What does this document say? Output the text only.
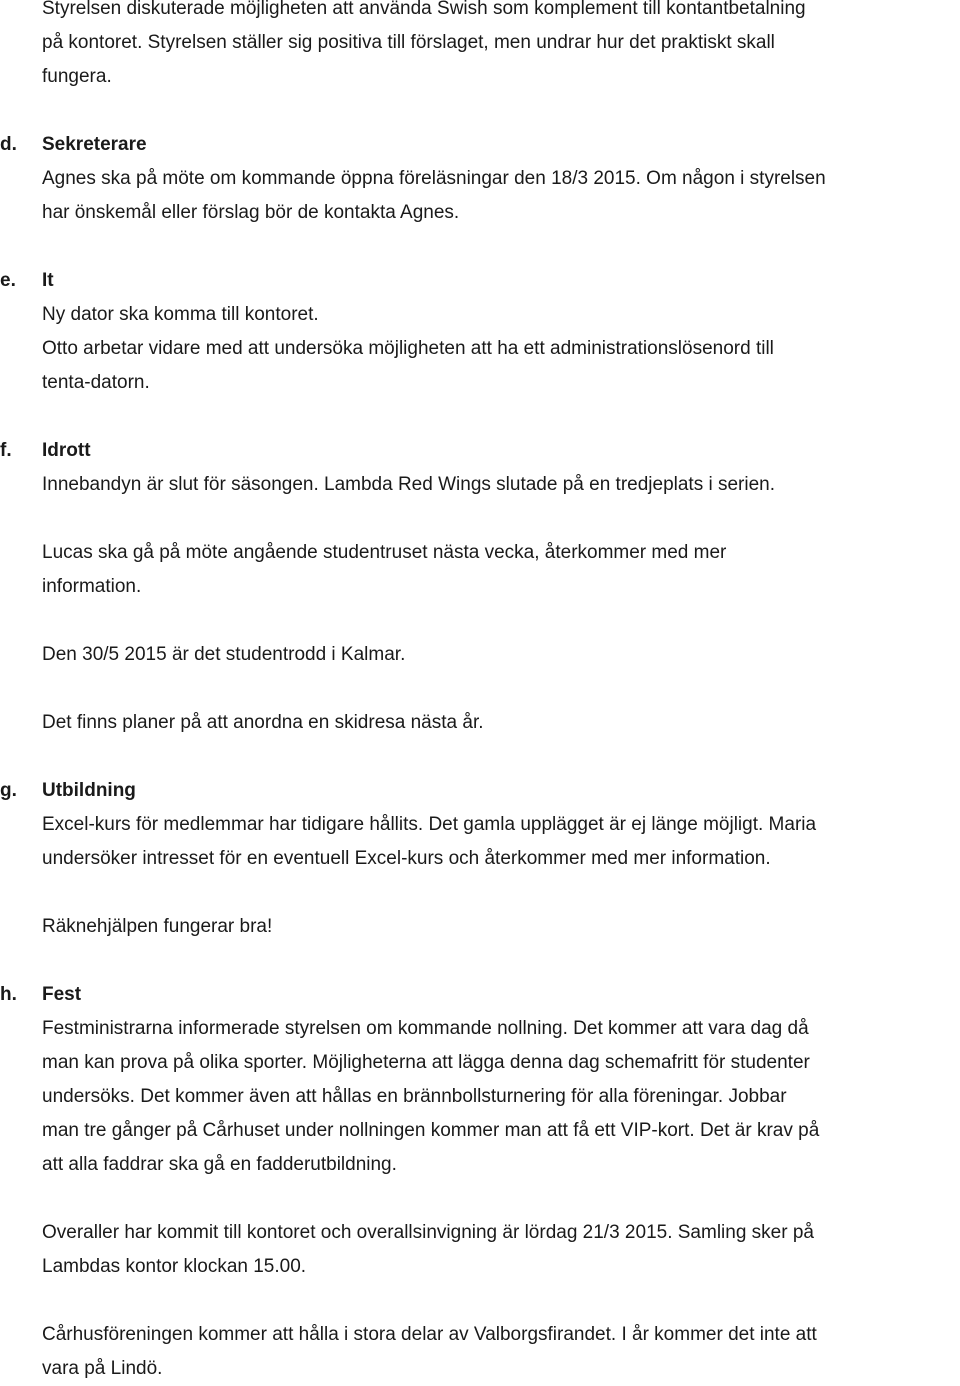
Styrelsen diskuterade möjligheten att använda Swish som komplement till kontantbetalning
på kontoret. Styrelsen ställer sig positiva till förslaget, men undrar hur det praktiskt skall
fungera.

d. Sekreterare

Agnes ska på möte om kommande öppna föreläsningar den 18/3 2015. Om någon i styrelsen
har önskemål eller förslag bör de kontakta Agnes.

e. It

Ny dator ska komma till kontoret.
Otto arbetar vidare med att undersöka möjligheten att ha ett administrationslösenord till
tenta-datorn.

f. Idrott

Innebandyn är slut för säsongen. Lambda Red Wings slutade på en tredjeplats i serien.

Lucas ska gå på möte angående studentruset nästa vecka, återkommer med mer
information.

Den 30/5 2015 är det studentrodd i Kalmar.

Det finns planer på att anordna en skidresa nästa år.

g. Utbildning

Excel-kurs för medlemmar har tidigare hållits. Det gamla upplägget är ej länge möjligt. Maria
undersöker intresset för en eventuell Excel-kurs och återkommer med mer information.

Räknehjälpen fungerar bra!

h. Fest

Festministrarna informerade styrelsen om kommande nollning. Det kommer att vara dag då
man kan prova på olika sporter. Möjligheterna att lägga denna dag schemafritt för studenter
undersöks. Det kommer även att hållas en brännbollsturnering för alla föreningar. Jobbar
man tre gånger på Cårhuset under nollningen kommer man att få ett VIP-kort. Det är krav på
att alla faddrar ska gå en fadderutbildning.

Overaller har kommit till kontoret och overallsinvigning är lördag 21/3 2015. Samling sker på
Lambdas kontor klockan 15.00.

Cårhusföreningen kommer att hålla i stora delar av Valborgsfirandet. I år kommer det inte att
vara på Lindö.
